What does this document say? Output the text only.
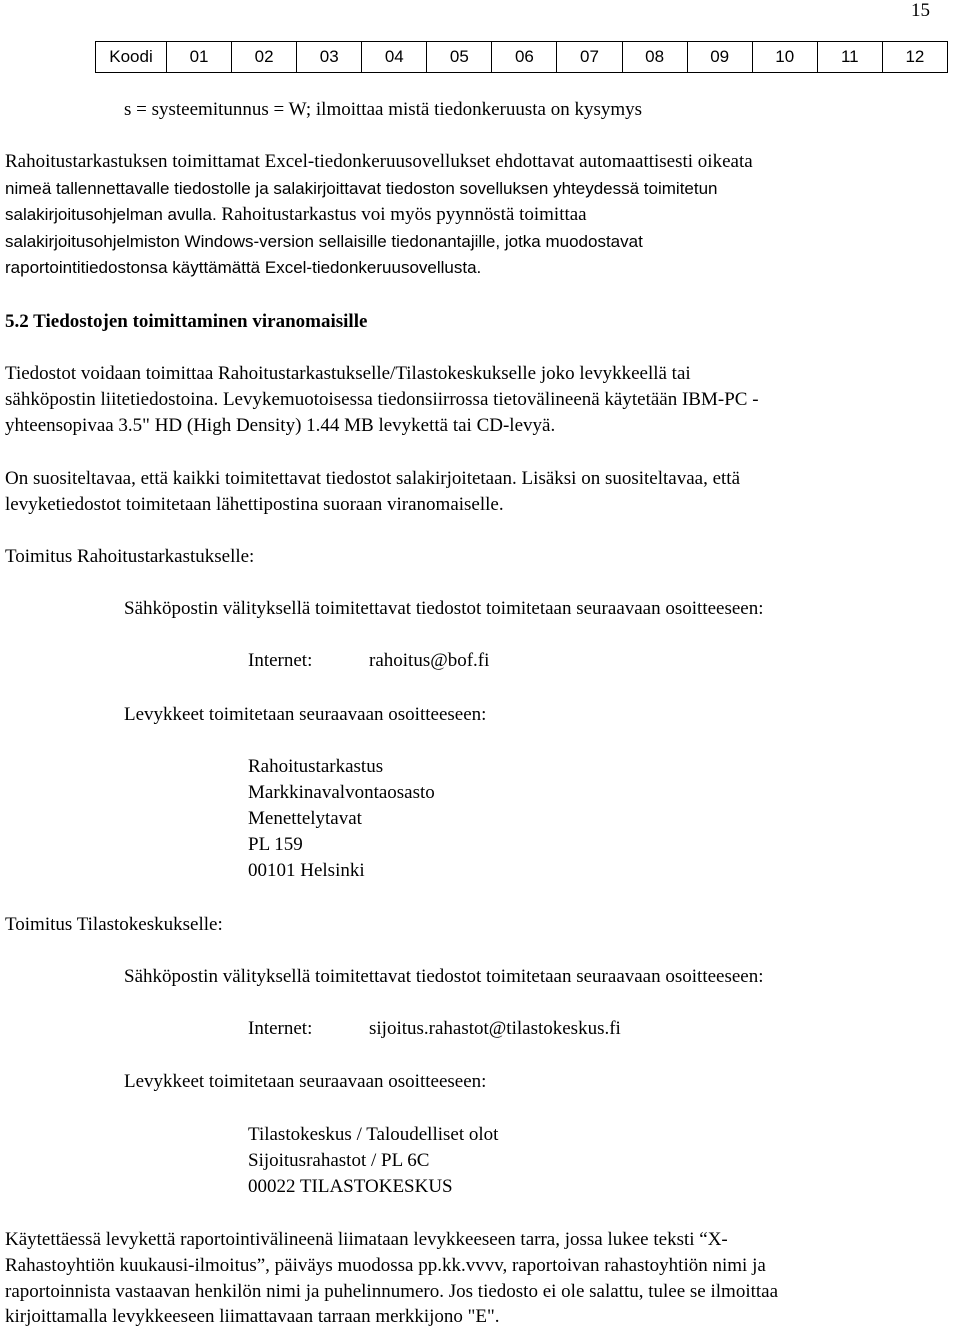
15
Koodi	01	02	03	04	05	06	07	08	09	10	11	12
s = systeemitunnus = W; ilmoittaa mistä tiedonkeruusta on kysymys
Rahoitustarkastuksen toimittamat Excel-tiedonkeruusovellukset ehdottavat automaattisesti oikeata
nimeä tallennettavalle tiedostolle ja salakirjoittavat tiedoston sovelluksen yhteydessä toimitetun
salakirjoitusohjelman avulla. Rahoitustarkastus voi myös pyynnöstä toimittaa
salakirjoitusohjelmiston Windows-version sellaisille tiedonantajille, jotka muodostavat
raportointitiedostonsa käyttämättä Excel-tiedonkeruusovellusta.
5.2 Tiedostojen toimittaminen viranomaisille
Tiedostot voidaan toimittaa Rahoitustarkastukselle/Tilastokeskukselle joko levykkeellä tai
sähköpostin liitetiedostoina. Levykemuotoisessa tiedonsiirrossa tietovälineenä käytetään IBM-PC -
yhteensopivaa 3.5" HD (High Density) 1.44 MB levykettä tai CD-levyä.
On suositeltavaa, että kaikki toimitettavat tiedostot salakirjoitetaan. Lisäksi on suositeltavaa, että
levyketiedostot toimitetaan lähettipostina suoraan viranomaiselle.
Toimitus Rahoitustarkastukselle:
Sähköpostin välityksellä toimitettavat tiedostot toimitetaan seuraavaan osoitteeseen:
Internet:	rahoitus@bof.fi
Levykkeet toimitetaan seuraavaan osoitteeseen:
Rahoitustarkastus
Markkinavalvontaosasto
Menettelytavat
PL 159
00101 Helsinki
Toimitus Tilastokeskukselle:
Sähköpostin välityksellä toimitettavat tiedostot toimitetaan seuraavaan osoitteeseen:
Internet:	sijoitus.rahastot@tilastokeskus.fi
Levykkeet toimitetaan seuraavaan osoitteeseen:
Tilastokeskus / Taloudelliset olot
Sijoitusrahastot / PL 6C
00022 TILASTOKESKUS
Käytettäessä levykettä raportointivälineenä liimataan levykkeeseen tarra, jossa lukee teksti “X-
Rahastoyhtiön kuukausi-ilmoitus”, päiväys muodossa pp.kk.vvvv, raportoivan rahastoyhtiön nimi ja
raportoinnista vastaavan henkilön nimi ja puhelinnumero. Jos tiedosto ei ole salattu, tulee se ilmoittaa
kirjoittamalla levykkeeseen liimattavaan tarraan merkkijono "E".
